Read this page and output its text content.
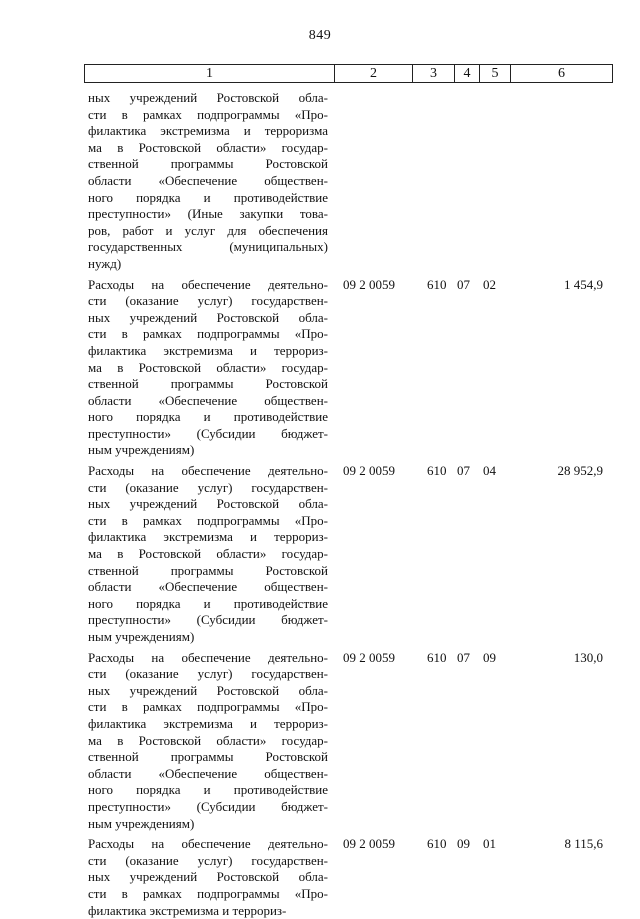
849
1	2	3	4	5	6
ных учреждений Ростовской обла-
сти в рамках подпрограммы «Про-
филактика экстремизма и терроризма
ма в Ростовской области» государ-
ственной программы Ростовской
области «Обеспечение обществен-
ного порядка и противодействие
преступности» (Иные закупки това-
ров, работ и услуг для обеспечения
государственных (муниципальных)
нужд)
Расходы на обеспечение деятельно-
сти (оказание услуг) государствен-
ных учреждений Ростовской обла-
сти в рамках подпрограммы «Про-
филактика экстремизма и террориз-
ма в Ростовской области» государ-
ственной программы Ростовской
области «Обеспечение обществен-
ного порядка и противодействие
преступности» (Субсидии бюджет-
ным учреждениям)
09 2 0059	610 07	02	1 454,9
Расходы на обеспечение деятельно-
сти (оказание услуг) государствен-
ных учреждений Ростовской обла-
сти в рамках подпрограммы «Про-
филактика экстремизма и террориз-
ма в Ростовской области» государ-
ственной программы Ростовской
области «Обеспечение обществен-
ного порядка и противодействие
преступности» (Субсидии бюджет-
ным учреждениям)
09 2 0059	610 07	04	28 952,9
Расходы на обеспечение деятельно-
сти (оказание услуг) государствен-
ных учреждений Ростовской обла-
сти в рамках подпрограммы «Про-
филактика экстремизма и террориз-
ма в Ростовской области» государ-
ственной программы Ростовской
области «Обеспечение обществен-
ного порядка и противодействие
преступности» (Субсидии бюджет-
ным учреждениям)
09 2 0059	610 07	09	130,0
Расходы на обеспечение деятельно-
сти (оказание услуг) государствен-
ных учреждений Ростовской обла-
сти в рамках подпрограммы «Про-
филактика экстремизма и террориз-
09 2 0059	610 09	01	8 115,6
